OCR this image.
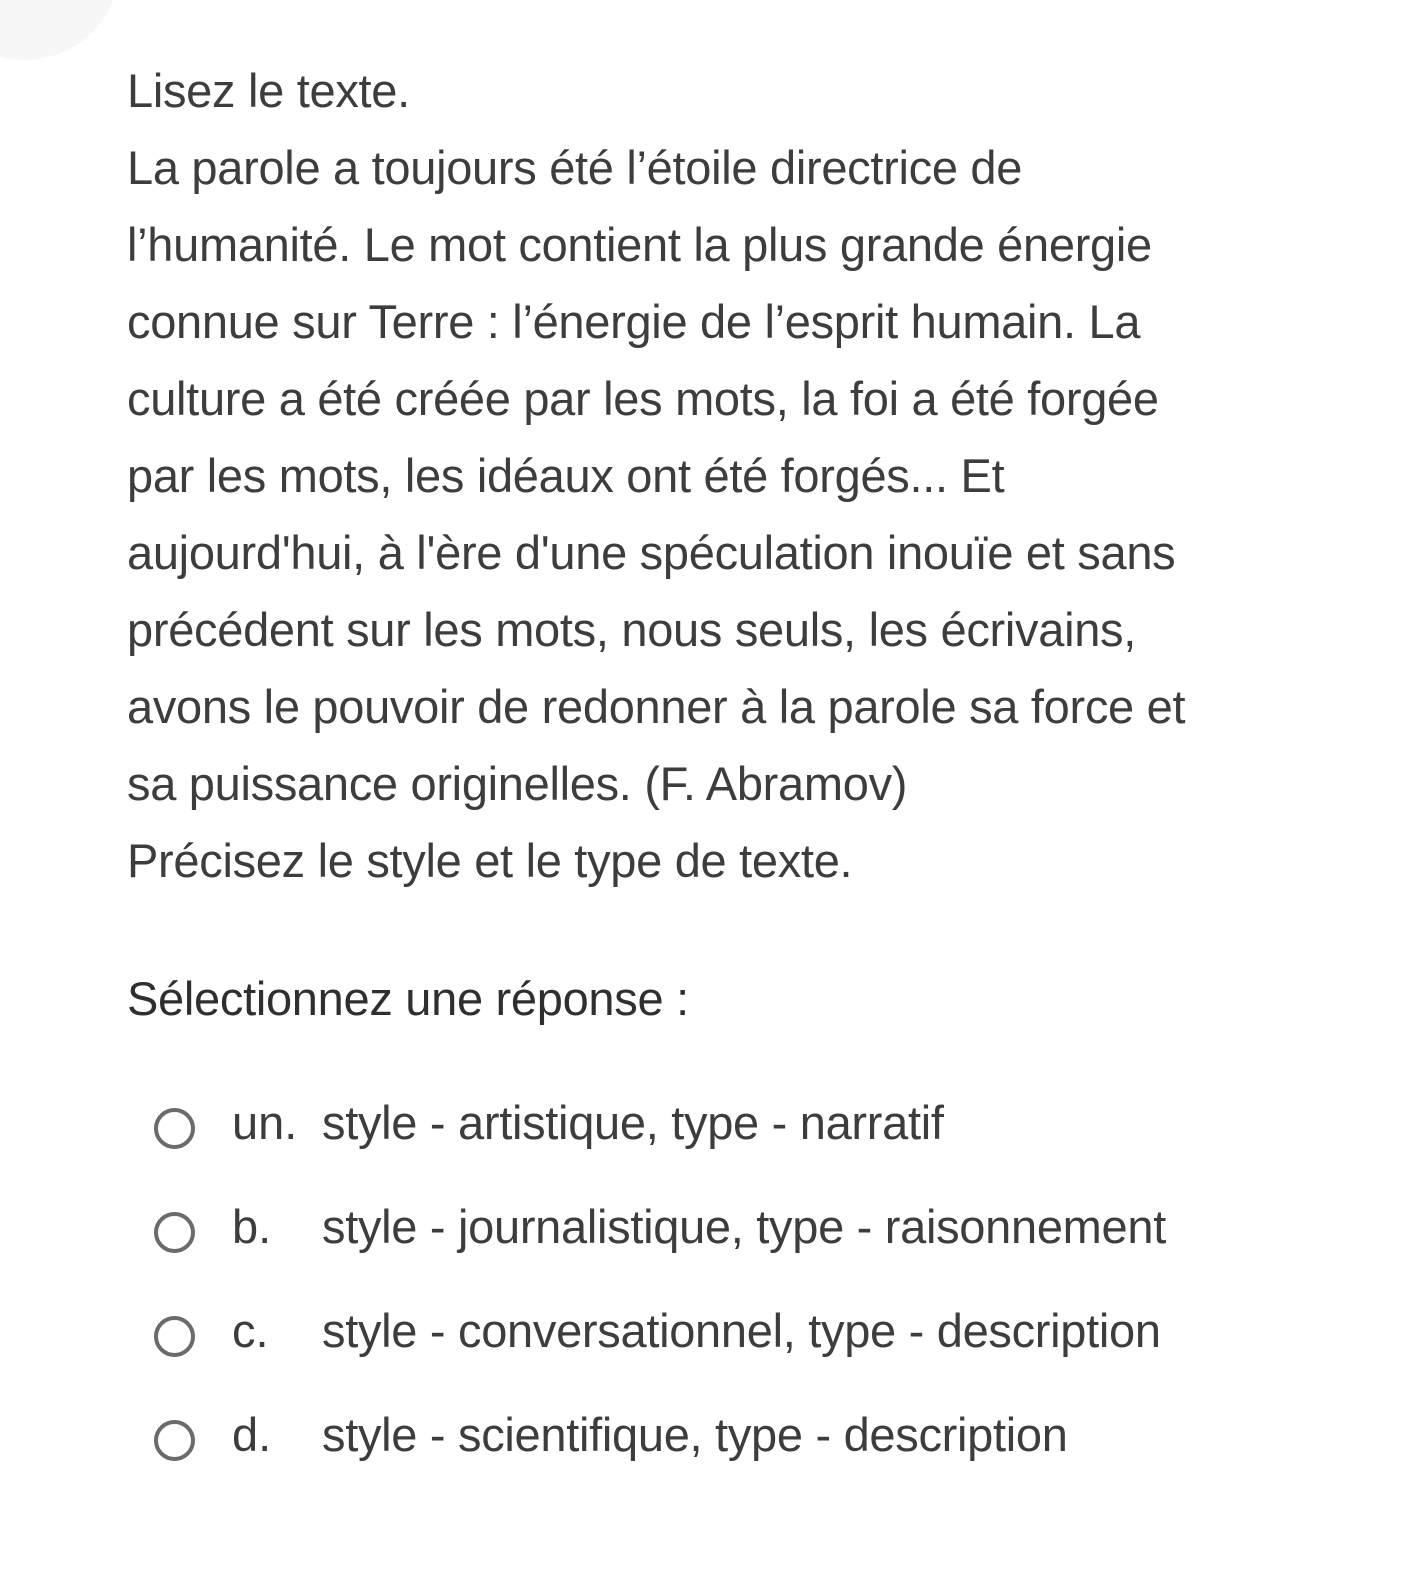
Lisez le texte.

La parole a toujours été l’étoile directrice de
l’humanité. Le mot contient la plus grande énergie
connue sur Terre : l’énergie de l’esprit humain. La
culture a été créée par les mots, la foi a été forgée
par les mots, les idéaux ont été forgés... Et
aujourd'hui, à l'ère d'une spéculation inouïe et sans
précédent sur les mots, nous seuls, les écrivains,
avons le pouvoir de redonner à la parole sa force et
sa puissance originelles. (F. Abramov)

Précisez le style et le type de texte.

Sélectionnez une réponse :
un. style - artistique, type - narratif
b.	style - journalistique, type - raisonnement
c.	style - conversationnel, type - description
d.	style - scientifique, type - description
